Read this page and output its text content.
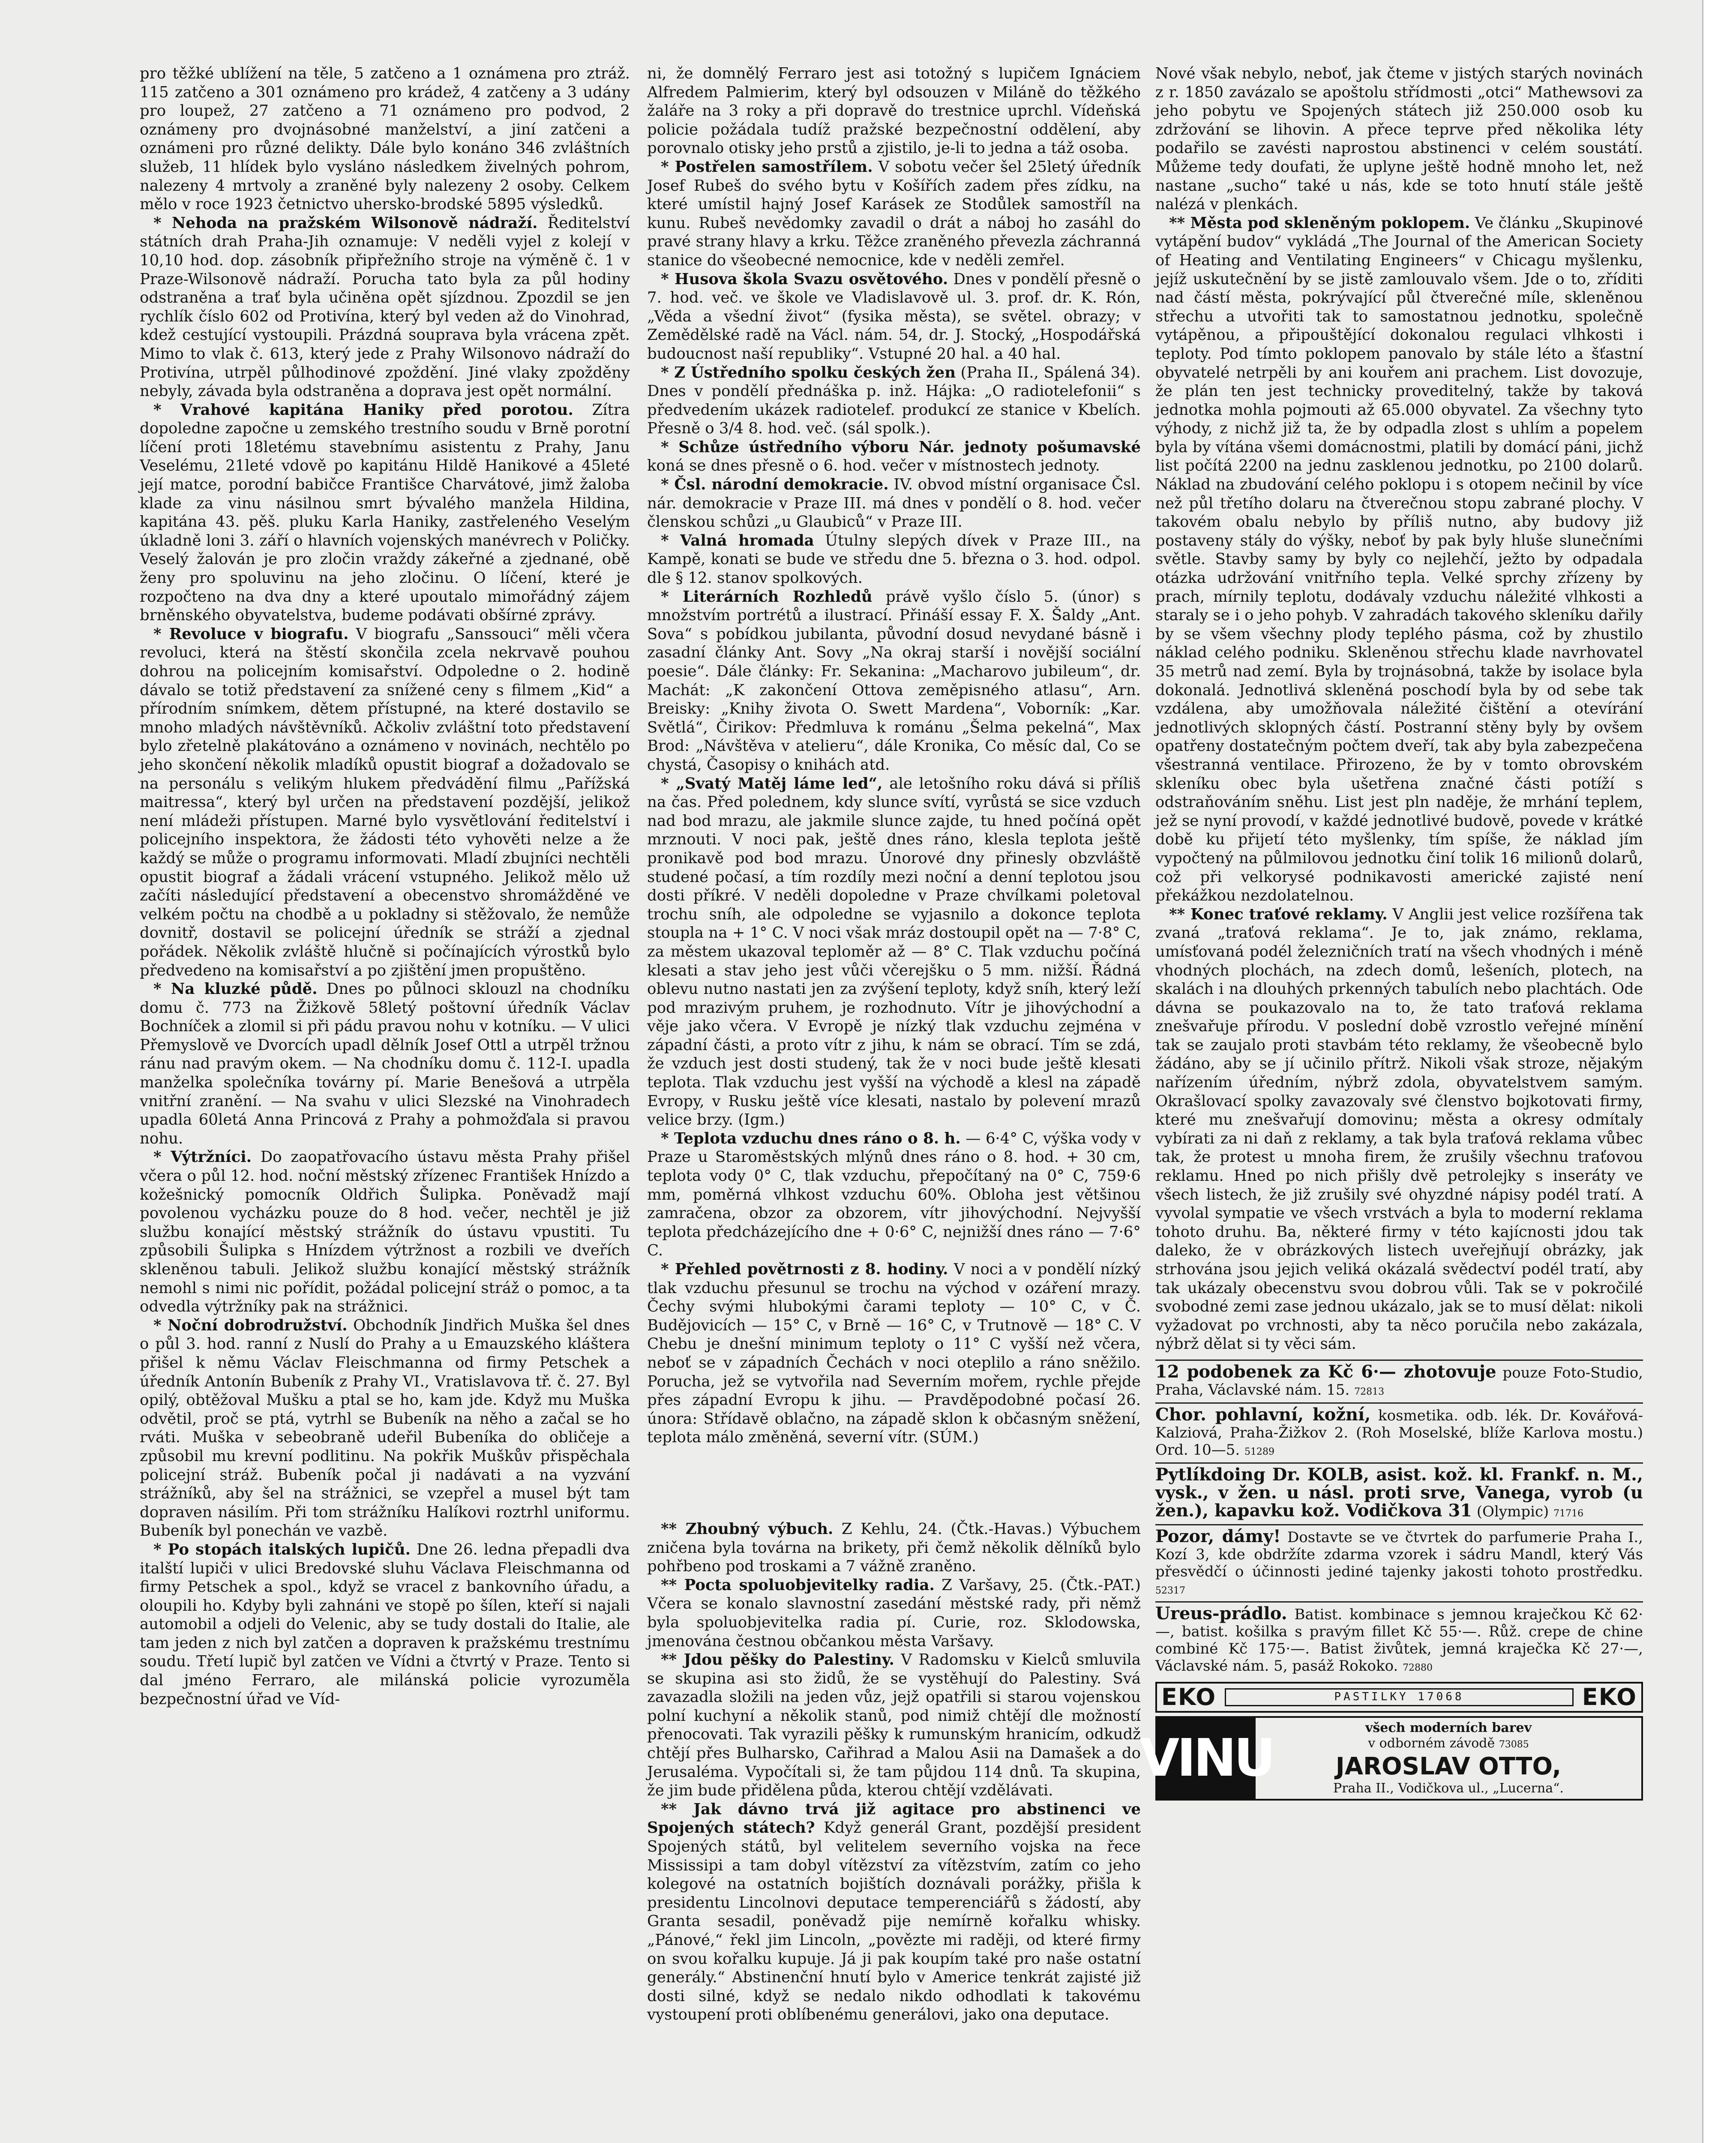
pro těžké ublížení na těle, 5 zatčeno a 1 oznámena pro ztráž. 115 zatčeno a 301 oznámeno pro krádež, 4 zatčeny a 3 udány pro loupež, 27 zatčeno a 71 oznámeno pro podvod, 2 oznámeny pro dvojnásobné manželství, a jiní zatčeni a oznámeni pro různé delikty. Dále bylo konáno 346 zvláštních služeb, 11 hlídek bylo vysláno následkem živelných pohrom, nalezeny 4 mrtvoly a zraněné byly nalezeny 2 osoby. Celkem mělo v roce 1923 četnictvo uhersko-brodské 5895 výsledků.

* Nehoda na pražském Wilsonově nádraží. Ředitelství státních drah Praha-Jih oznamuje: V neděli vyjel z kolejí v 10,10 hod. dop. zásobník připřežního stroje na výměně č. 1 v Praze-Wilsonově nádraží. Porucha tato byla za půl hodiny odstraněna a trať byla učiněna opět sjízdnou. Zpozdil se jen rychlík číslo 602 od Protivína, který byl veden až do Vinohrad, kdež cestující vystoupili. Prázdná souprava byla vrácena zpět. Mimo to vlak č. 613, který jede z Prahy Wilsonovo nádraží do Protivína, utrpěl půlhodinové zpoždění. Jiné vlaky zpožděny nebyly, závada byla odstraněna a doprava jest opět normální.

* Vrahové kapitána Haniky před porotou. Zítra dopoledne započne u zemského trestního soudu v Brně porotní líčení proti 18letému stavebnímu asistentu z Prahy, Janu Veselému, 21leté vdově po kapitánu Hildě Hanikové a 45leté její matce, porodní babičce Františce Charvátové, jimž žaloba klade za vinu násilnou smrt bývalého manžela Hildina, kapitána 43. pěš. pluku Karla Haniky, zastřeleného Veselým úkladně loni 3. září o hlavních vojenských manévrech v Poličky. Veselý žalován je pro zločin vraždy zákeřné a zjednané, obě ženy pro spoluvinu na jeho zločinu. O líčení, které je rozpočteno na dva dny a které upoutalo mimořádný zájem brněnského obyvatelstva, budeme podávati obšírné zprávy.

* Revoluce v biografu. V biografu „Sanssouci“ měli včera revoluci, která na štěstí skončila zcela nekrvavě pouhou dohrou na policejním komisařství. Odpoledne o 2. hodině dávalo se totiž představení za snížené ceny s filmem „Kid“ a přírodním snímkem, dětem přístupné, na které dostavilo se mnoho mladých návštěvníků. Ačkoliv zvláštní toto představení bylo zřetelně plakátováno a oznámeno v novinách, nechtělo po jeho skončení několik mladíků opustit biograf a dožadovalo se na personálu s velikým hlukem předvádění filmu „Pařížská maitressa“, který byl určen na představení pozdější, jelikož není mládeži přístupen. Marné bylo vysvětlování ředitelství i policejního inspektora, že žádosti této vyhověti nelze a že každý se může o programu informovati. Mladí zbujníci nechtěli opustit biograf a žádali vrácení vstupného. Jelikož mělo už začíti následující představení a obecenstvo shromážděné ve velkém počtu na chodbě a u pokladny si stěžovalo, že nemůže dovnitř, dostavil se policejní úředník se stráží a zjednal pořádek. Několik zvláště hlučně si počínajících výrostků bylo předvedeno na komisařství a po zjištění jmen propuštěno.

* Na kluzké půdě. Dnes po půlnoci sklouzl na chodníku domu č. 773 na Žižkově 58letý poštovní úředník Václav Bochníček a zlomil si při pádu pravou nohu v kotníku. — V ulici Přemyslově ve Dvorcích upadl dělník Josef Ottl a utrpěl tržnou ránu nad pravým okem. — Na chodníku domu č. 112-I. upadla manželka společníka továrny pí. Marie Benešová a utrpěla vnitřní zranění. — Na svahu v ulici Slezské na Vinohradech upadla 60letá Anna Princová z Prahy a pohmožďala si pravou nohu.

* Výtržníci. Do zaopatřovacího ústavu města Prahy přišel včera o půl 12. hod. noční městský zřízenec František Hnízdo a kožešnický pomocník Oldřich Šulipka. Poněvadž mají povolenou vycházku pouze do 8 hod. večer, nechtěl je již službu konající městský strážník do ústavu vpustiti. Tu způsobili Šulipka s Hnízdem výtržnost a rozbili ve dveřích skleněnou tabuli. Jelikož službu konající městský strážník nemohl s nimi nic pořídit, požádal policejní stráž o pomoc, a ta odvedla výtržníky pak na strážnici.

* Noční dobrodružství. Obchodník Jindřich Muška šel dnes o půl 3. hod. ranní z Nuslí do Prahy a u Emauzského kláštera přišel k němu Václav Fleischmanna od firmy Petschek a úředník Antonín Bubeník z Prahy VI., Vratislavova tř. č. 27. Byl opilý, obtěžoval Mušku a ptal se ho, kam jde. Když mu Muška odvětil, proč se ptá, vytrhl se Bubeník na něho a začal se ho rváti. Muška v sebeobraně udeřil Bubeníka do obličeje a způsobil mu krevní podlitinu. Na pokřik Muškův přispěchala policejní stráž. Bubeník počal ji nadávati a na vyzvání strážníků, aby šel na strážnici, se vzepřel a musel být tam dopraven násilím. Při tom strážníku Halíkovi roztrhl uniformu. Bubeník byl ponechán ve vazbě.

* Po stopách italských lupičů. Dne 26. ledna přepadli dva italští lupiči v ulici Bredovské sluhu Václava Fleischmanna od firmy Petschek a spol., když se vracel z bankovního úřadu, a oloupili ho. Kdyby byli zahnáni ve stopě po šílen, kteří si najali automobil a odjeli do Velenic, aby se tudy dostali do Italie, ale tam jeden z nich byl zatčen a dopraven k pražskému trestnímu soudu. Třetí lupič byl zatčen ve Vídni a čtvrtý v Praze. Tento si dal jméno Ferraro, ale milánská policie vyrozuměla bezpečnostní úřad ve Víd-

ni, že domnělý Ferraro jest asi totožný s lupičem Ignáciem Alfredem Palmierim, který byl odsouzen v Miláně do těžkého žaláře na 3 roky a při dopravě do trestnice uprchl. Vídeňská policie požádala tudíž pražské bezpečnostní oddělení, aby porovnalo otisky jeho prstů a zjistilo, je-li to jedna a táž osoba.

* Postřelen samostřílem. V sobotu večer šel 25letý úředník Josef Rubeš do svého bytu v Košířích zadem přes zídku, na které umístil hajný Josef Karásek ze Stodůlek samostříl na kunu. Rubeš nevědomky zavadil o drát a náboj ho zasáhl do pravé strany hlavy a krku. Těžce zraněného převezla záchranná stanice do všeobecné nemocnice, kde v neděli zemřel.

* Husova škola Svazu osvětového. Dnes v pondělí přesně o 7. hod. več. ve škole ve Vladislavově ul. 3. prof. dr. K. Rón, „Věda a všední život“ (fysika města), se světel. obrazy; v Zemědělské radě na Václ. nám. 54, dr. J. Stocký, „Hospodářská budoucnost naší republiky“. Vstupné 20 hal. a 40 hal.

* Z Ústředního spolku českých žen (Praha II., Spálená 34). Dnes v pondělí přednáška p. inž. Hájka: „O radiotelefonii“ s předvedením ukázek radiotelef. produkcí ze stanice v Kbelích. Přesně o 3/4 8. hod. več. (sál spolk.).

* Schůze ústředního výboru Nár. jednoty pošumavské koná se dnes přesně o 6. hod. večer v místnostech jednoty.

* Čsl. národní demokracie. IV. obvod místní organisace Čsl. nár. demokracie v Praze III. má dnes v pondělí o 8. hod. večer členskou schůzi „u Glaubiců“ v Praze III.

* Valná hromada Útulny slepých dívek v Praze III., na Kampě, konati se bude ve středu dne 5. března o 3. hod. odpol. dle § 12. stanov spolkových.

* Literárních Rozhledů právě vyšlo číslo 5. (únor) s množstvím portrétů a ilustrací. Přináší essay F. X. Šaldy „Ant. Sova“ s pobídkou jubilanta, původní dosud nevydané básně i zasadní články Ant. Sovy „Na okraj starší i novější sociální poesie“. Dále články: Fr. Sekanina: „Macharovo jubileum“, dr. Machát: „K zakončení Ottova zeměpisného atlasu“, Arn. Breisky: „Knihy života O. Swett Mardena“, Voborník: „Kar. Světlá“, Čirikov: Předmluva k románu „Šelma pekelná“, Max Brod: „Návštěva v atelieru“, dále Kronika, Co měsíc dal, Co se chystá, Časopisy o knihách atd.

* „Svatý Matěj láme led“, ale letošního roku dává si příliš na čas. Před polednem, kdy slunce svítí, vyrůstá se sice vzduch nad bod mrazu, ale jakmile slunce zajde, tu hned počíná opět mrznouti. V noci pak, ještě dnes ráno, klesla teplota ještě pronikavě pod bod mrazu. Únorové dny přinesly obzvláště studené počasí, a tím rozdíly mezi noční a denní teplotou jsou dosti příkré. V neděli dopoledne v Praze chvílkami poletoval trochu sníh, ale odpoledne se vyjasnilo a dokonce teplota stoupla na + 1° C. V noci však mráz dostoupil opět na — 7·8° C, za městem ukazoval teploměr až — 8° C. Tlak vzduchu počíná klesati a stav jeho jest vůči včerejšku o 5 mm. nižší. Řádná oblevu nutno nastati jen za zvýšení teploty, když sníh, který leží pod mrazivým pruhem, je rozhodnuto. Vítr je jihovýchodní a věje jako včera. V Evropě je nízký tlak vzduchu zejména v západní části, a proto vítr z jihu, k nám se obrací. Tím se zdá, že vzduch jest dosti studený, tak že v noci bude ještě klesati teplota. Tlak vzduchu jest vyšší na východě a klesl na západě Evropy, v Rusku ještě více klesati, nastalo by polevení mrazů velice brzy. (Igm.)

* Teplota vzduchu dnes ráno o 8. h. — 6·4° C, výška vody v Praze u Staroměstských mlýnů dnes ráno o 8. hod. + 30 cm, teplota vody 0° C, tlak vzduchu, přepočítaný na 0° C, 759·6 mm, poměrná vlhkost vzduchu 60%. Obloha jest většinou zamračena, obzor za obzorem, vítr jihovýchodní. Nejvyšší teplota předcházejícího dne + 0·6° C, nejnižší dnes ráno — 7·6° C.

* Přehled povětrnosti z 8. hodiny. V noci a v pondělí nízký tlak vzduchu přesunul se trochu na východ v ozáření mrazy. Čechy svými hlubokými čarami teploty — 10° C, v Č. Budějovicích — 15° C, v Brně — 16° C, v Trutnově — 18° C. V Chebu je dnešní minimum teploty o 11° C vyšší než včera, neboť se v západních Čechách v noci oteplilo a ráno sněžilo. Porucha, jež se vytvořila nad Severním mořem, rychle přejde přes západní Evropu k jihu. — Pravděpodobné počasí 26. února: Střídavě oblačno, na západě sklon k občasným sněžení, teplota málo změněná, severní vítr. (SÚM.)

** Zhoubný výbuch. Z Kehlu, 24. (Čtk.-Havas.) Výbuchem zničena byla továrna na brikety, při čemž několik dělníků bylo pohřbeno pod troskami a 7 vážně zraněno.

** Pocta spoluobjevitelky radia. Z Varšavy, 25. (Čtk.-PAT.) Včera se konalo slavnostní zasedání městské rady, při němž byla spoluobjevitelka radia pí. Curie, roz. Sklodowska, jmenována čestnou občankou města Varšavy.

** Jdou pěšky do Palestiny. V Radomsku v Kielců smluvila se skupina asi sto židů, že se vystěhují do Palestiny. Svá zavazadla složili na jeden vůz, jejž opatřili si starou vojenskou polní kuchyní a několik stanů, pod nimiž chtějí dle možností přenocovati. Tak vyrazili pěšky k rumunským hranicím, odkudž chtějí přes Bulharsko, Cařihrad a Malou Asii na Damašek a do Jerusaléma. Vypočítali si, že tam půjdou 114 dnů. Ta skupina, že jim bude přidělena půda, kterou chtějí vzdělávati.

** Jak dávno trvá již agitace pro abstinenci ve Spojených státech? Když generál Grant, pozdější president Spojených států, byl velitelem severního vojska na řece Mississipi a tam dobyl vítězství za vítězstvím, zatím co jeho kolegové na ostatních bojištích doznávali porážky, přišla k presidentu Lincolnovi deputace temperenciářů s žádostí, aby Granta sesadil, poněvadž pije nemírně kořalku whisky. „Pánové,“ řekl jim Lincoln, „povězte mi raději, od které firmy on svou kořalku kupuje. Já ji pak koupím také pro naše ostatní generály.“ Abstinenční hnutí bylo v Americe tenkrát zajisté již dosti silné, když se nedalo nikdo odhodlati k takovému vystoupení proti oblíbenému generálovi, jako ona deputace.

Nové však nebylo, neboť, jak čteme v jistých starých novinách z r. 1850 zavázalo se apoštolu střídmosti „otci“ Mathewsovi za jeho pobytu ve Spojených státech již 250.000 osob ku zdržování se lihovin. A přece teprve před několika léty podařilo se zavésti naprostou abstinenci v celém soustátí. Můžeme tedy doufati, že uplyne ještě hodně mnoho let, než nastane „sucho“ také u nás, kde se toto hnutí stále ještě nalézá v plenkách.

** Města pod skleněným poklopem. Ve článku „Skupinové vytápění budov“ vykládá „The Journal of the American Society of Heating and Ventilating Engineers“ v Chicagu myšlenku, jejíž uskutečnění by se jistě zamlouvalo všem. Jde o to, zříditi nad částí města, pokrývající půl čtverečné míle, skleněnou střechu a utvořiti tak to samostatnou jednotku, společně vytápěnou, a připouštějící dokonalou regulaci vlhkosti i teploty. Pod tímto poklopem panovalo by stále léto a šťastní obyvatelé netrpěli by ani kouřem ani prachem. List dovozuje, že plán ten jest technicky proveditelný, takže by taková jednotka mohla pojmouti až 65.000 obyvatel. Za všechny tyto výhody, z nichž již ta, že by odpadla zlost s uhlím a popelem byla by vítána všemi domácnostmi, platili by domácí páni, jichž list počítá 2200 na jednu zasklenou jednotku, po 2100 dolarů. Náklad na zbudování celého poklopu i s otopem nečinil by více než půl třetího dolaru na čtverečnou stopu zabrané plochy. V takovém obalu nebylo by příliš nutno, aby budovy již postaveny stály do výšky, neboť by pak byly hluše slunečními světle. Stavby samy by byly co nejlehčí, ježto by odpadala otázka udržování vnitřního tepla. Velké sprchy zřízeny by prach, mírnily teplotu, dodávaly vzduchu náležité vlhkosti a staraly se i o jeho pohyb. V zahradách takového skleníku dařily by se všem všechny plody teplého pásma, což by zhustilo náklad celého podniku. Skleněnou střechu klade navrhovatel 35 metrů nad zemí. Byla by trojnásobná, takže by isolace byla dokonalá. Jednotlivá skleněná poschodí byla by od sebe tak vzdálena, aby umožňovala náležité čištění a otevírání jednotlivých sklopných částí. Postranní stěny byly by ovšem opatřeny dostatečným počtem dveří, tak aby byla zabezpečena všestranná ventilace. Přirozeno, že by v tomto obrovském skleníku obec byla ušetřena značné části potíží s odstraňováním sněhu. List jest pln naděje, že mrhání teplem, jež se nyní provodí, v každé jednotlivé budově, povede v krátké době ku přijetí této myšlenky, tím spíše, že náklad jím vypočtený na půlmilovou jednotku činí tolik 16 milionů dolarů, což při velkorysé podnikavosti americké zajisté není překážkou nezdolatelnou.

** Konec traťové reklamy. V Anglii jest velice rozšířena tak zvaná „traťová reklama“. Je to, jak známo, reklama, umísťovaná podél železničních tratí na všech vhodných i méně vhodných plochách, na zdech domů, lešeních, plotech, na skalách i na dlouhých prkenných tabulích nebo plachtách. Ode dávna se poukazovalo na to, že tato traťová reklama znešvařuje přírodu. V poslední době vzrostlo veřejné mínění tak se zaujalo proti stavbám této reklamy, že všeobecně bylo žádáno, aby se jí učinilo přítrž. Nikoli však stroze, nějakým nařízením úředním, nýbrž zdola, obyvatelstvem samým. Okrašlovací spolky zavazovaly své členstvo bojkotovati firmy, které mu znešvařují domovinu; města a okresy odmítaly vybírati za ni daň z reklamy, a tak byla traťová reklama vůbec tak, že protest u mnoha firem, že zrušily všechnu traťovou reklamu. Hned po nich přišly dvě petrolejky s inseráty ve všech listech, že již zrušily své ohyzdné nápisy podél tratí. A vyvolal sympatie ve všech vrstvách a byla to moderní reklama tohoto druhu. Ba, některé firmy v této kajícnosti jdou tak daleko, že v obrázkových listech uveřejňují obrázky, jak strhována jsou jejich veliká okázalá svědectví podél tratí, aby tak ukázaly obecenstvu svou dobrou vůli. Tak se v pokročilé svobodné zemi zase jednou ukázalo, jak se to musí dělat: nikoli vyžadovat po vrchnosti, aby ta něco poručila nebo zakázala, nýbrž dělat si ty věci sám.

12 podobenek za Kč 6·— zhotovuje pouze Foto-Studio, Praha, Václavské nám. 15. 72813

Chor. pohlavní, kožní, kosmetika. odb. lék. Dr. Kovářová-Kalziová, Praha-Žižkov 2. (Roh Moselské, blíže Karlova mostu.) Ord. 10—5. 51289

Pytlíkdoing Dr. KOLB, asist. kož. kl. Frankf. n. M., vysk., v žen. u násl. proti srve, Vanega, vyrob (u žen.), kapavku kož. Vodičkova 31 (Olympic) 71716

Pozor, dámy! Dostavte se ve čtvrtek do parfumerie Praha I., Kozí 3, kde obdržíte zdarma vzorek i sádru Mandl, který Vás přesvědčí o účinnosti jediné tajenky jakosti tohoto prostředku. 52317

Ureus-prádlo. Batist. kombinace s jemnou kraječkou Kč 62·—, batist. košilka s pravým fillet Kč 55·—. Růž. crepe de chine combiné Kč 175·—. Batist živůtek, jemná kraječka Kč 27·—, Václavské nám. 5, pasáž Rokoko. 72880

EKO	PASTILKY 17068	EKO
VINU
všech moderních barev
v odborném závodě 73085
JAROSLAV OTTO,
Praha II., Vodičkova ul., „Lucerna“.
